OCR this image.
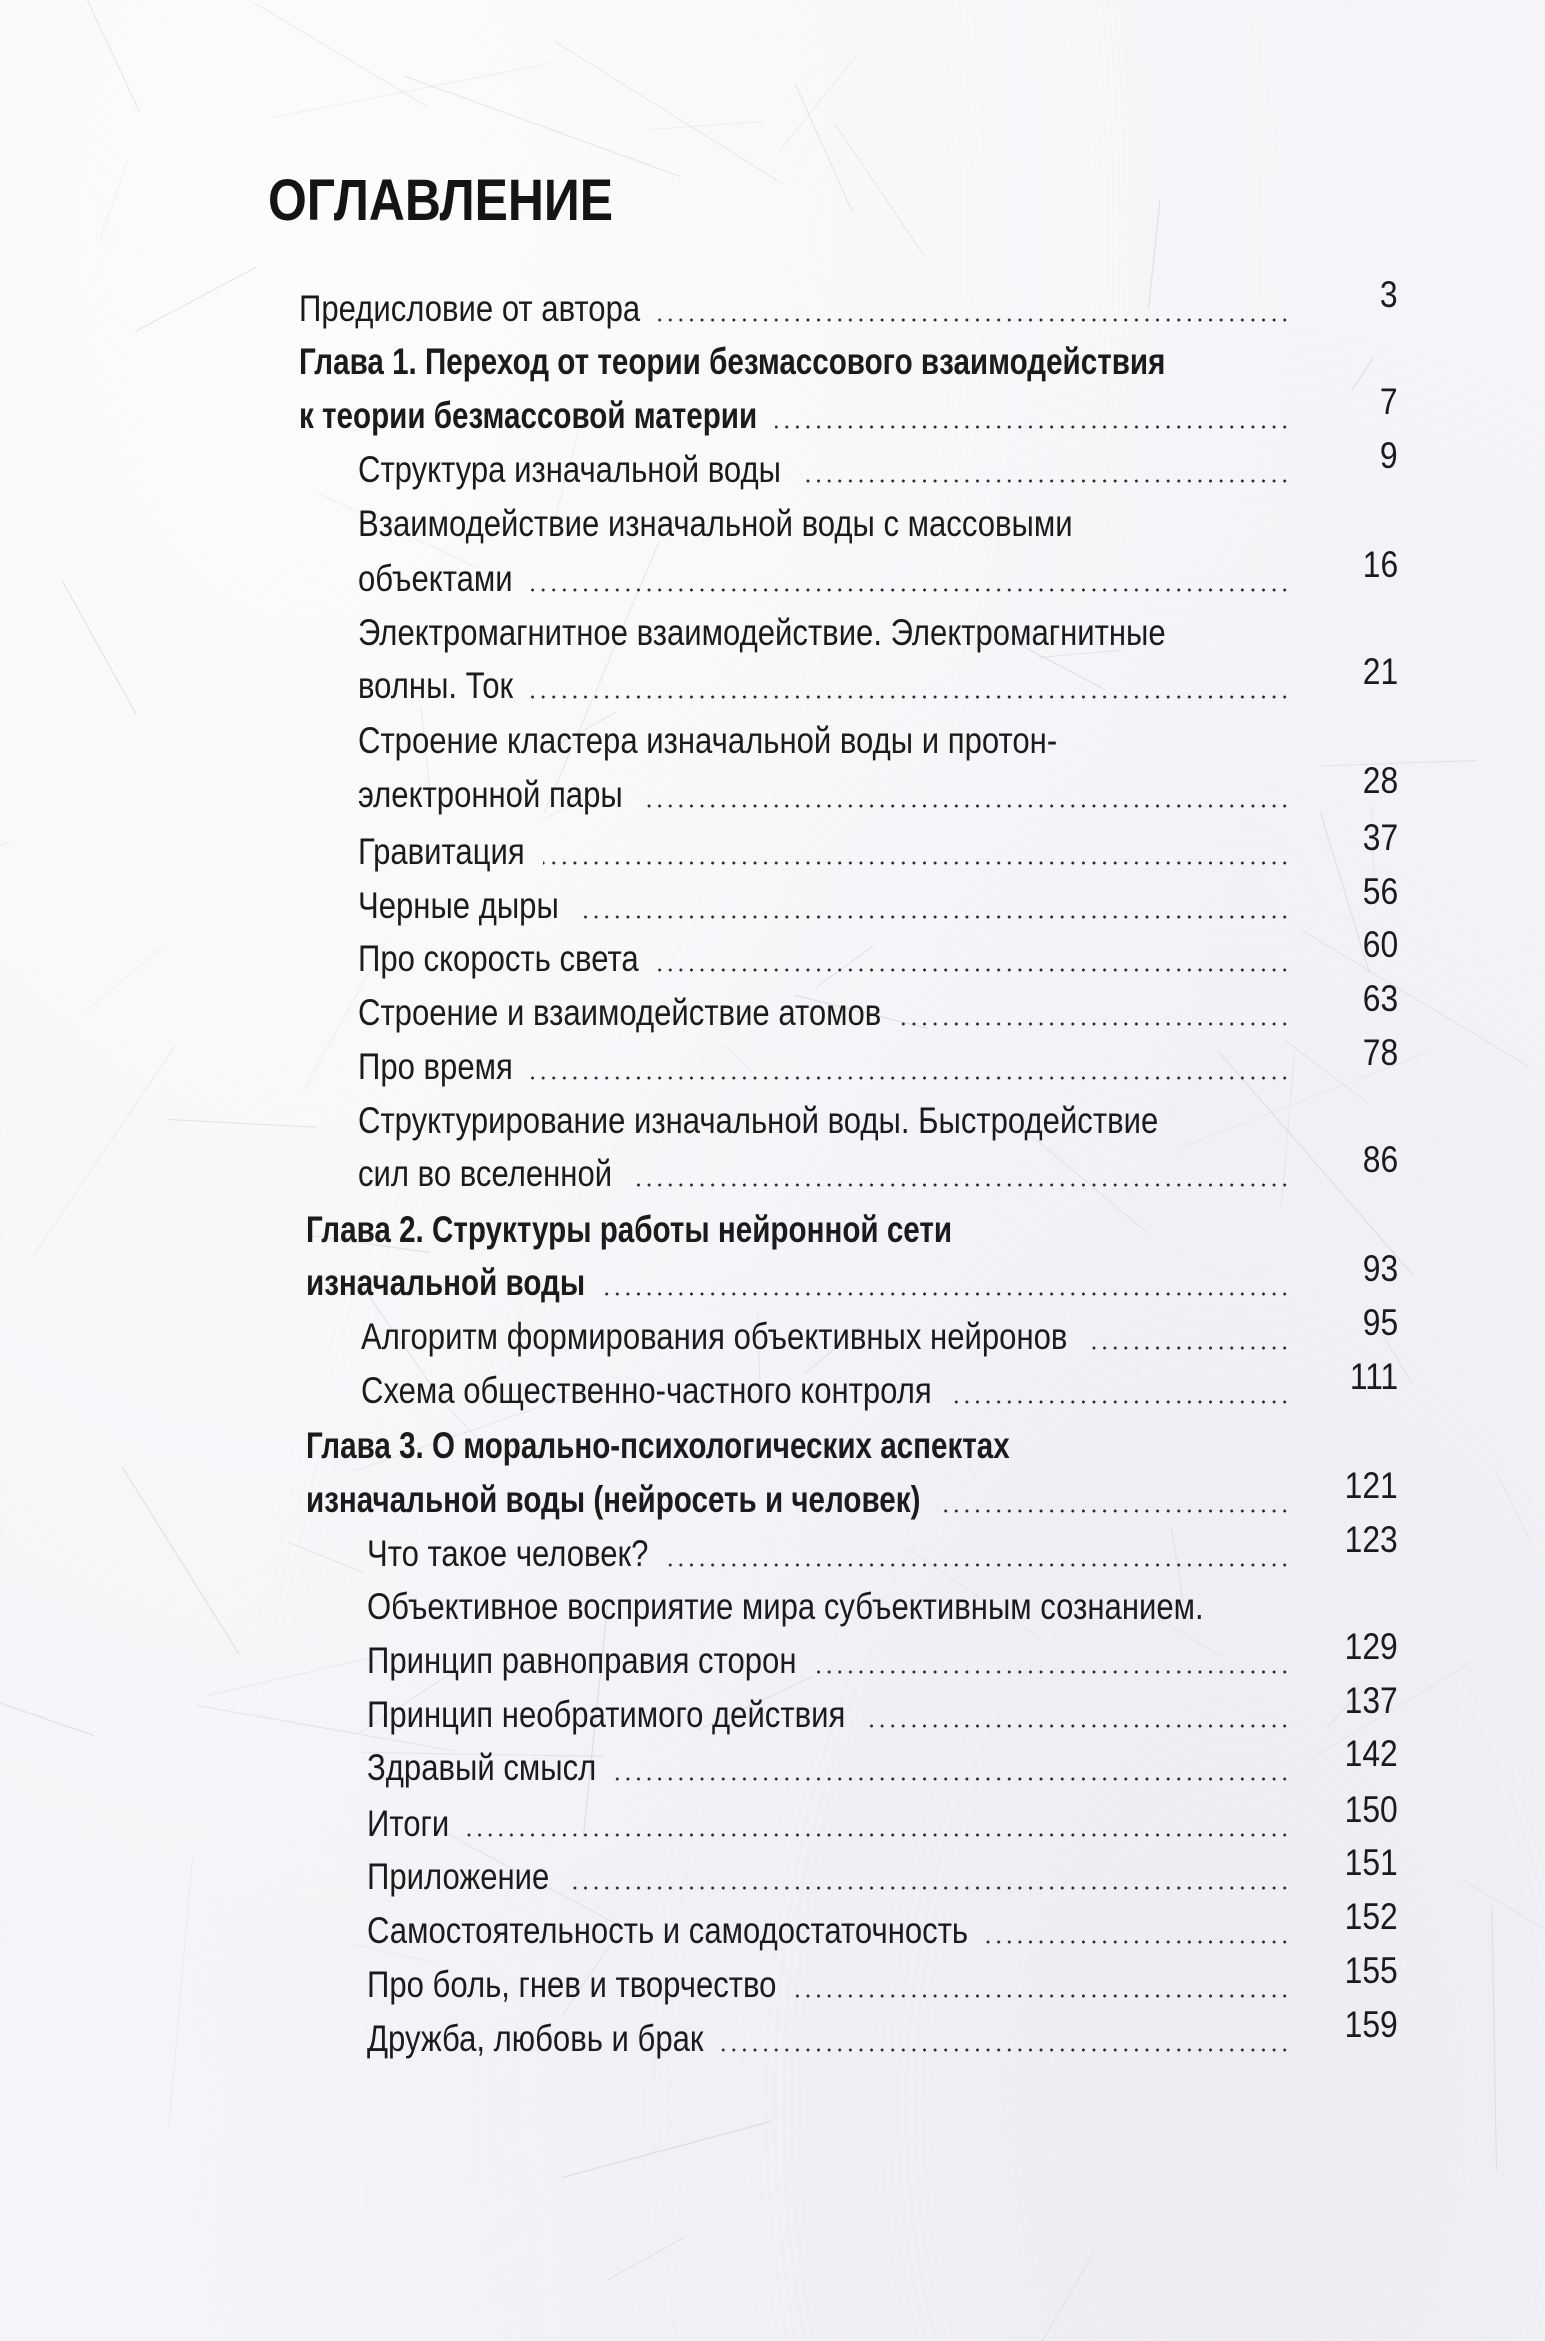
ОГЛАВЛЕНИЕ
Предисловие от автора	3
Глава 1. Переход от теории безмассового взаимодействия
к теории безмассовой материи	7
Структура изначальной воды	9
Взаимодействие изначальной воды с массовыми
объектами	16
Электромагнитное взаимодействие. Электромагнитные
волны. Ток	21
Строение кластера изначальной воды и протон-
электронной пары	28
Гравитация	37
Черные дыры	56
Про скорость света	60
Строение и взаимодействие атомов	63
Про время	78
Структурирование изначальной воды. Быстродействие
сил во вселенной	86
Глава 2. Структуры работы нейронной сети
изначальной воды	93
Алгоритм формирования объективных нейронов	95
Схема общественно-частного контроля	111
Глава 3. О морально-психологических аспектах
изначальной воды (нейросеть и человек)	121
Что такое человек?	123
Объективное восприятие мира субъективным сознанием.
Принцип равноправия сторон	129
Принцип необратимого действия	137
Здравый смысл	142
Итоги	150
Приложение	151
Самостоятельность и самодостаточность	152
Про боль, гнев и творчество	155
Дружба, любовь и брак	159
